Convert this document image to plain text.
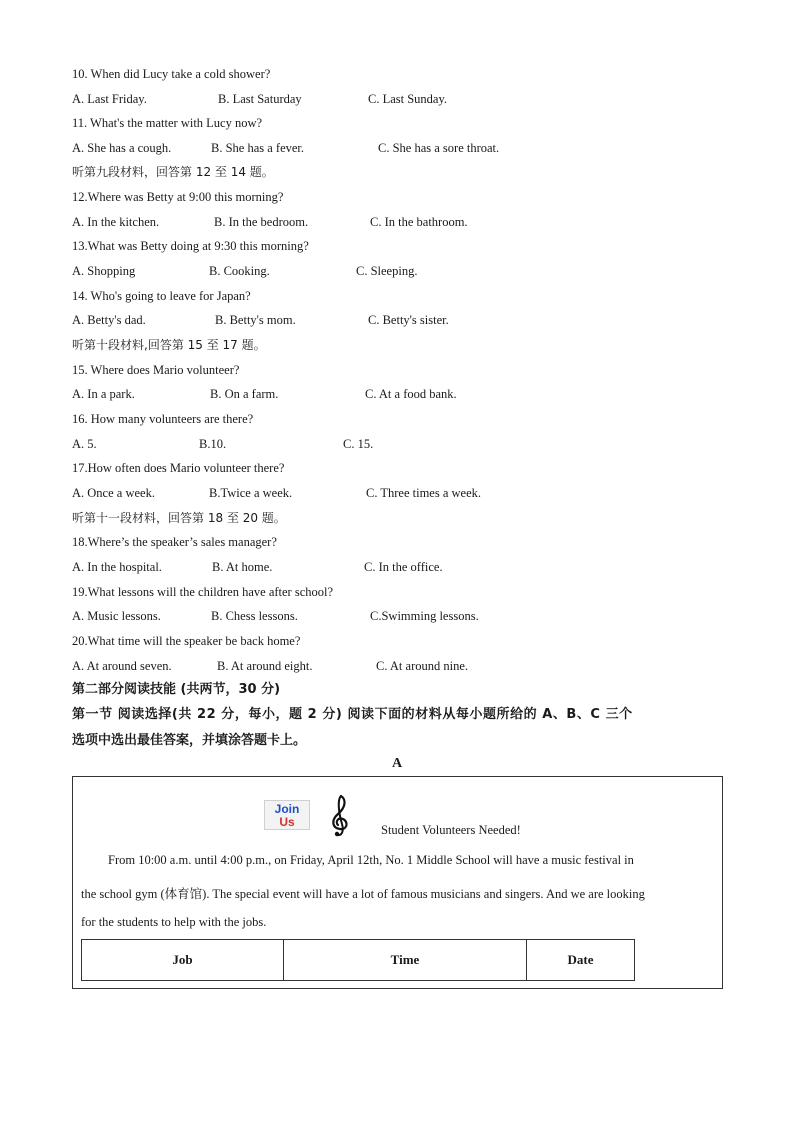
10. When did Lucy take a cold shower?
A. Last Friday.	B. Last Saturday	C. Last Sunday.
11. What's the matter with Lucy now?
A. She has a cough.	B. She has a fever.	C. She has a sore throat.
听第九段材料，回答第 12 至 14 题。
12.Where was Betty at 9:00 this morning?
A. In the kitchen.	B. In the bedroom.	C. In the bathroom.
13.What was Betty doing at 9:30 this morning?
A. Shopping	B. Cooking.	C. Sleeping.
14. Who's going to leave for Japan?
A. Betty's dad.	B. Betty's mom.	C. Betty's sister.
听第十段材料,回答第 15 至 17 题。
15. Where does Mario volunteer?
A. In a park.	B. On a farm.	C. At a food bank.
16. How many volunteers are there?
A. 5.	B.10.	C. 15.
17.How often does Mario volunteer there?
A. Once a week.	B.Twice a week.	C. Three times a week.
听第十一段材料，回答第 18 至 20 题。
18.Where’s the speaker’s sales manager?
A. In the hospital.	B. At home.	C. In the office.
19.What lessons will the children have after school?
A. Music lessons.	B. Chess lessons.	C.Swimming lessons.
20.What time will the speaker be back home?
A. At around seven.	B. At around eight.	C. At around nine.
第二部分阅读技能 (共两节，30 分)
第一节 阅读选择(共 22 分，每小，题 2 分) 阅读下面的材料从每小题所给的 A、B、C 三个
选项中选出最佳答案，并填涂答题卡上。
A
Join
Us
Student Volunteers Needed!
From 10:00 a.m. until 4:00 p.m., on Friday, April 12th, No. 1 Middle School will have a music festival in
the school gym (体育馆). The special event will have a lot of famous musicians and singers. And we are looking
for the students to help with the jobs.
Job	Time	Date
